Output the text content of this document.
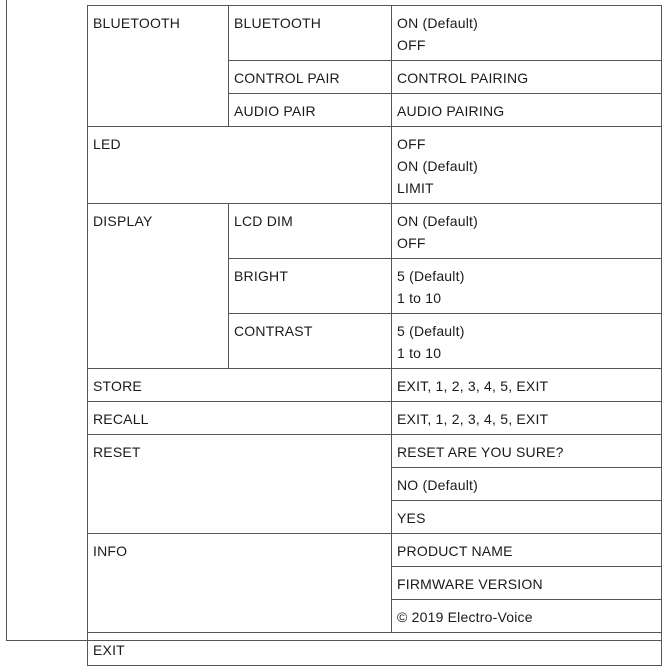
BLUETOOTH	BLUETOOTH	ON (Default)
OFF

	CONTROL PAIR	CONTROL PAIRING
	AUDIO PAIR	AUDIO PAIRING
LED		OFF
ON (Default)
LIMIT

DISPLAY	LCD DIM	ON (Default)
OFF

	BRIGHT	5 (Default)
1 to 10

	CONTRAST	5 (Default)
1 to 10

STORE		EXIT, 1, 2, 3, 4, 5, EXIT
RECALL		EXIT, 1, 2, 3, 4, 5, EXIT
RESET		RESET ARE YOU SURE?
		NO (Default)
		YES
INFO		PRODUCT NAME
		FIRMWARE VERSION
		© 2019 Electro-Voice
EXIT		
